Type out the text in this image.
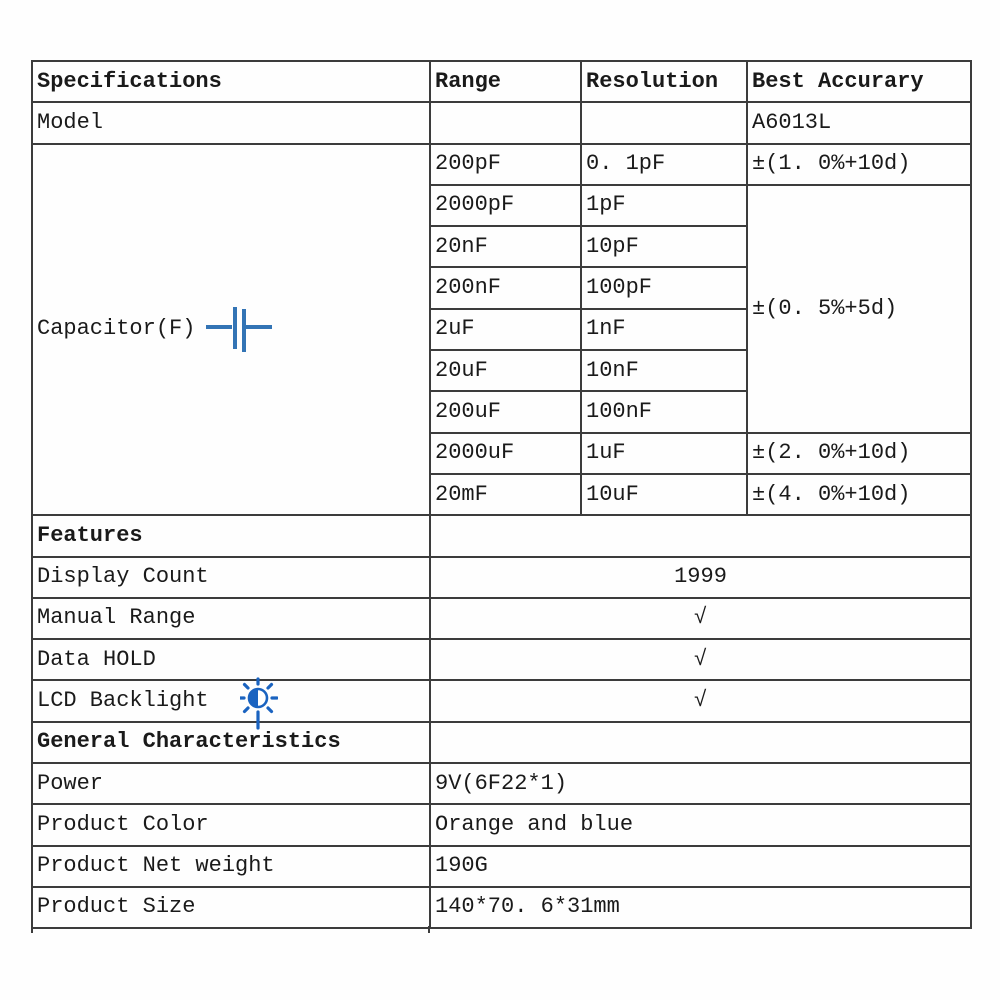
Specifications	Range	Resolution	Best Accurary
Model			A6013L
Capacitor(F)	200pF	0. 1pF	±(1. 0%+10d)
	2000pF	1pF	±(0. 5%+5d)
	20nF	10pF	
	200nF	100pF	
	2uF	1nF	
	20uF	10nF	
	200uF	100nF	
	2000uF	1uF	±(2. 0%+10d)
	20mF	10uF	±(4. 0%+10d)
Features			
Display Count	1999		
Manual Range	√		
Data HOLD	√		
LCD Backlight	√		
General Characteristics			
Power	9V(6F22*1)		
Product Color	Orange and blue		
Product Net weight	190G		
Product Size	140*70. 6*31mm		
